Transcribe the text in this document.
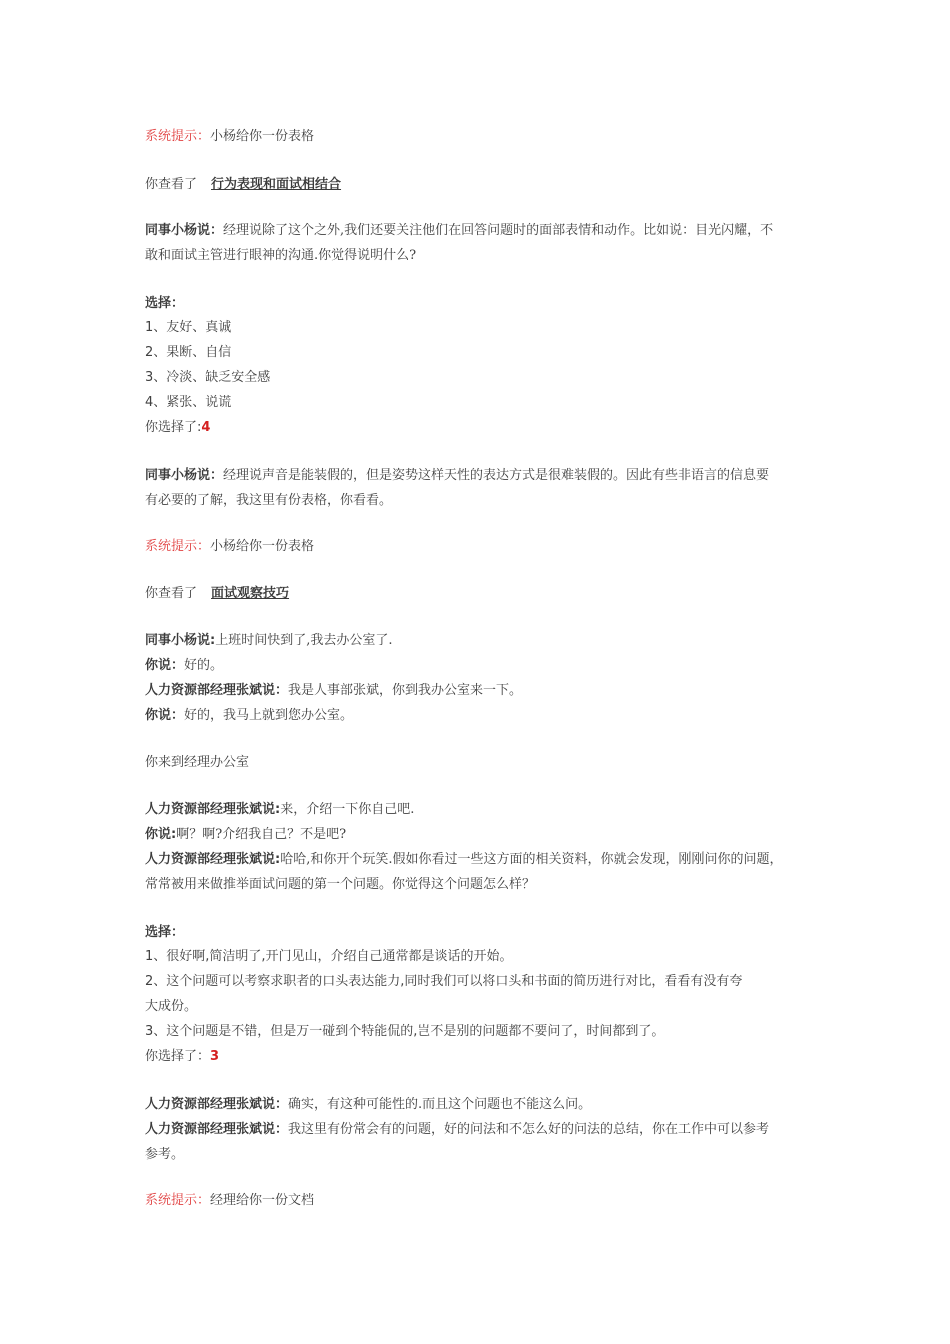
系统提示：小杨给你一份表格
你查看了 行为表现和面试相结合
同事小杨说：经理说除了这个之外,我们还要关注他们在回答问题时的面部表情和动作。比如说：目光闪耀，不
敢和面试主管进行眼神的沟通.你觉得说明什么?
选择：
1、友好、真诚
2、果断、自信
3、冷淡、缺乏安全感
4、紧张、说谎
你选择了:4
同事小杨说：经理说声音是能装假的，但是姿势这样天性的表达方式是很难装假的。因此有些非语言的信息要
有必要的了解，我这里有份表格，你看看。
系统提示：小杨给你一份表格
你查看了 面试观察技巧
同事小杨说:上班时间快到了,我去办公室了.
你说：好的。
人力资源部经理张斌说：我是人事部张斌，你到我办公室来一下。
你说：好的，我马上就到您办公室。
你来到经理办公室
人力资源部经理张斌说:来，介绍一下你自己吧.
你说:啊？啊?介绍我自己？不是吧?
人力资源部经理张斌说:哈哈,和你开个玩笑.假如你看过一些这方面的相关资料，你就会发现，刚刚问你的问题，
常常被用来做推举面试问题的第一个问题。你觉得这个问题怎么样？
选择：
1、很好啊,简洁明了,开门见山，介绍自己通常都是谈话的开始。
2、这个问题可以考察求职者的口头表达能力,同时我们可以将口头和书面的简历进行对比，看看有没有夸
大成份。
3、这个问题是不错，但是万一碰到个特能侃的,岂不是别的问题都不要问了，时间都到了。
你选择了：3
人力资源部经理张斌说：确实，有这种可能性的.而且这个问题也不能这么问。
人力资源部经理张斌说：我这里有份常会有的问题，好的问法和不怎么好的问法的总结，你在工作中可以参考
参考。
系统提示：经理给你一份文档
